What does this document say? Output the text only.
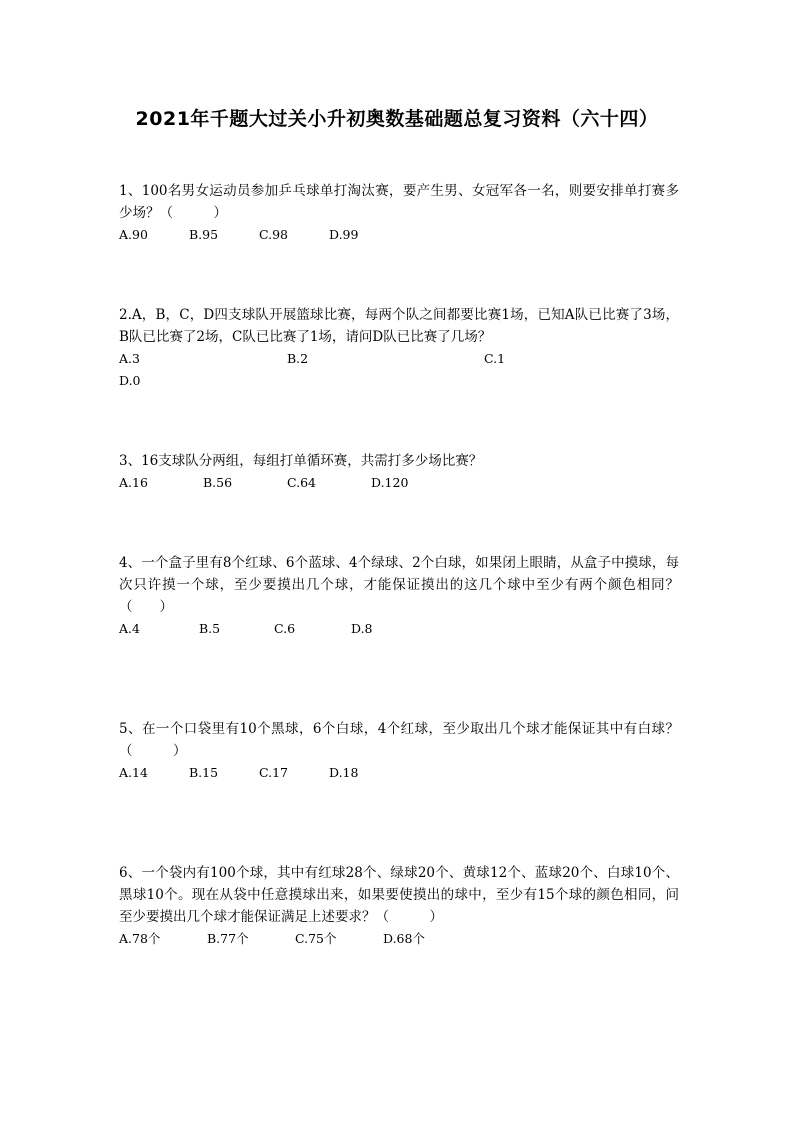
2021年千题大过关小升初奥数基础题总复习资料（六十四）

1、100名男女运动员参加乒乓球单打淘汰赛，要产生男、女冠军各一名，则要安排单打赛多少场？（　　　）

A.90	B.95	C.98	D.99

2.A，B，C，D四支球队开展篮球比赛，每两个队之间都要比赛1场，已知A队已比赛了3场，B队已比赛了2场，C队已比赛了1场，请问D队已比赛了几场？

A.3	B.2	C.1
D.0

3、16支球队分两组，每组打单循环赛，共需打多少场比赛？

A.16	B.56	C.64	D.120

4、一个盒子里有8个红球、6个蓝球、4个绿球、2个白球，如果闭上眼睛，从盒子中摸球，每次只许摸一个球，至少要摸出几个球，才能保证摸出的这几个球中至少有两个颜色相同？（　　）

A.4	B.5	C.6	D.8

5、在一个口袋里有10个黑球，6个白球，4个红球，至少取出几个球才能保证其中有白球？（　　　）

A.14	B.15	C.17	D.18

6、一个袋内有100个球，其中有红球28个、绿球20个、黄球12个、蓝球20个、白球10个、黑球10个。现在从袋中任意摸球出来，如果要使摸出的球中，至少有15个球的颜色相同，问至少要摸出几个球才能保证满足上述要求？（　　　）

A.78个	B.77个	C.75个	D.68个
